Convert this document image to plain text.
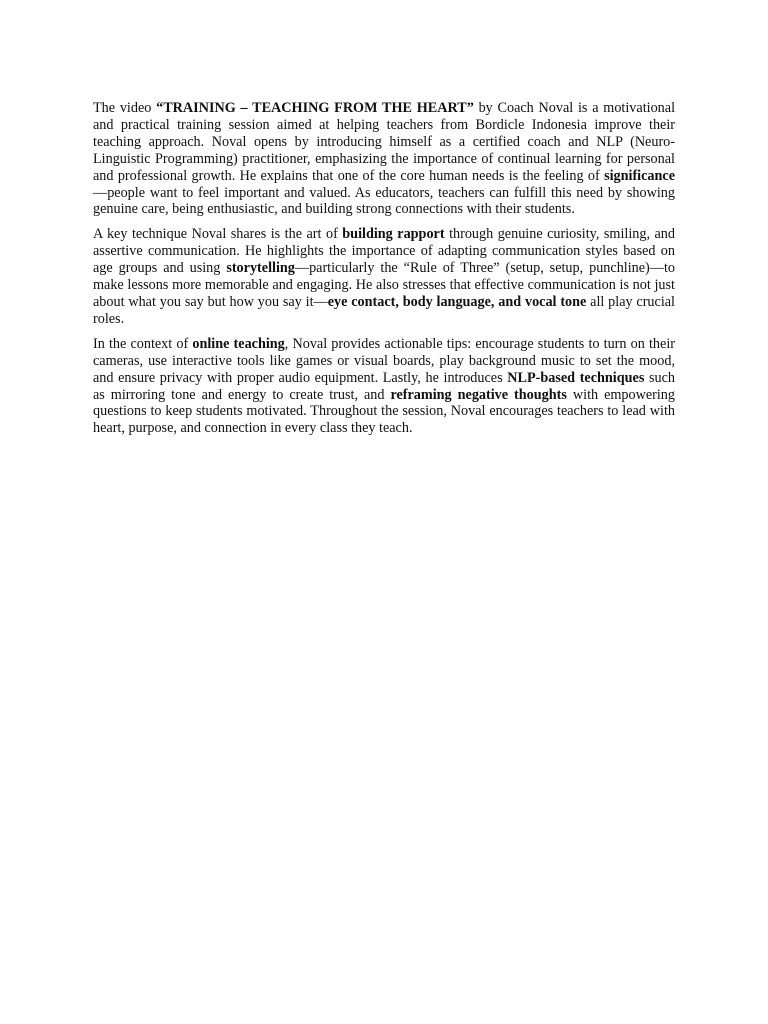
The video “TRAINING – TEACHING FROM THE HEART” by Coach Noval is a motivational and practical training session aimed at helping teachers from Bordicle Indonesia improve their teaching approach. Noval opens by introducing himself as a certified coach and NLP (Neuro-Linguistic Programming) practitioner, emphasizing the importance of continual learning for personal and professional growth. He explains that one of the core human needs is the feeling of significance—people want to feel important and valued. As educators, teachers can fulfill this need by showing genuine care, being enthusiastic, and building strong connections with their students.

A key technique Noval shares is the art of building rapport through genuine curiosity, smiling, and assertive communication. He highlights the importance of adapting communication styles based on age groups and using storytelling—particularly the “Rule of Three” (setup, setup, punchline)—to make lessons more memorable and engaging. He also stresses that effective communication is not just about what you say but how you say it—eye contact, body language, and vocal tone all play crucial roles.

In the context of online teaching, Noval provides actionable tips: encourage students to turn on their cameras, use interactive tools like games or visual boards, play background music to set the mood, and ensure privacy with proper audio equipment. Lastly, he introduces NLP-based techniques such as mirroring tone and energy to create trust, and reframing negative thoughts with empowering questions to keep students motivated. Throughout the session, Noval encourages teachers to lead with heart, purpose, and connection in every class they teach.
